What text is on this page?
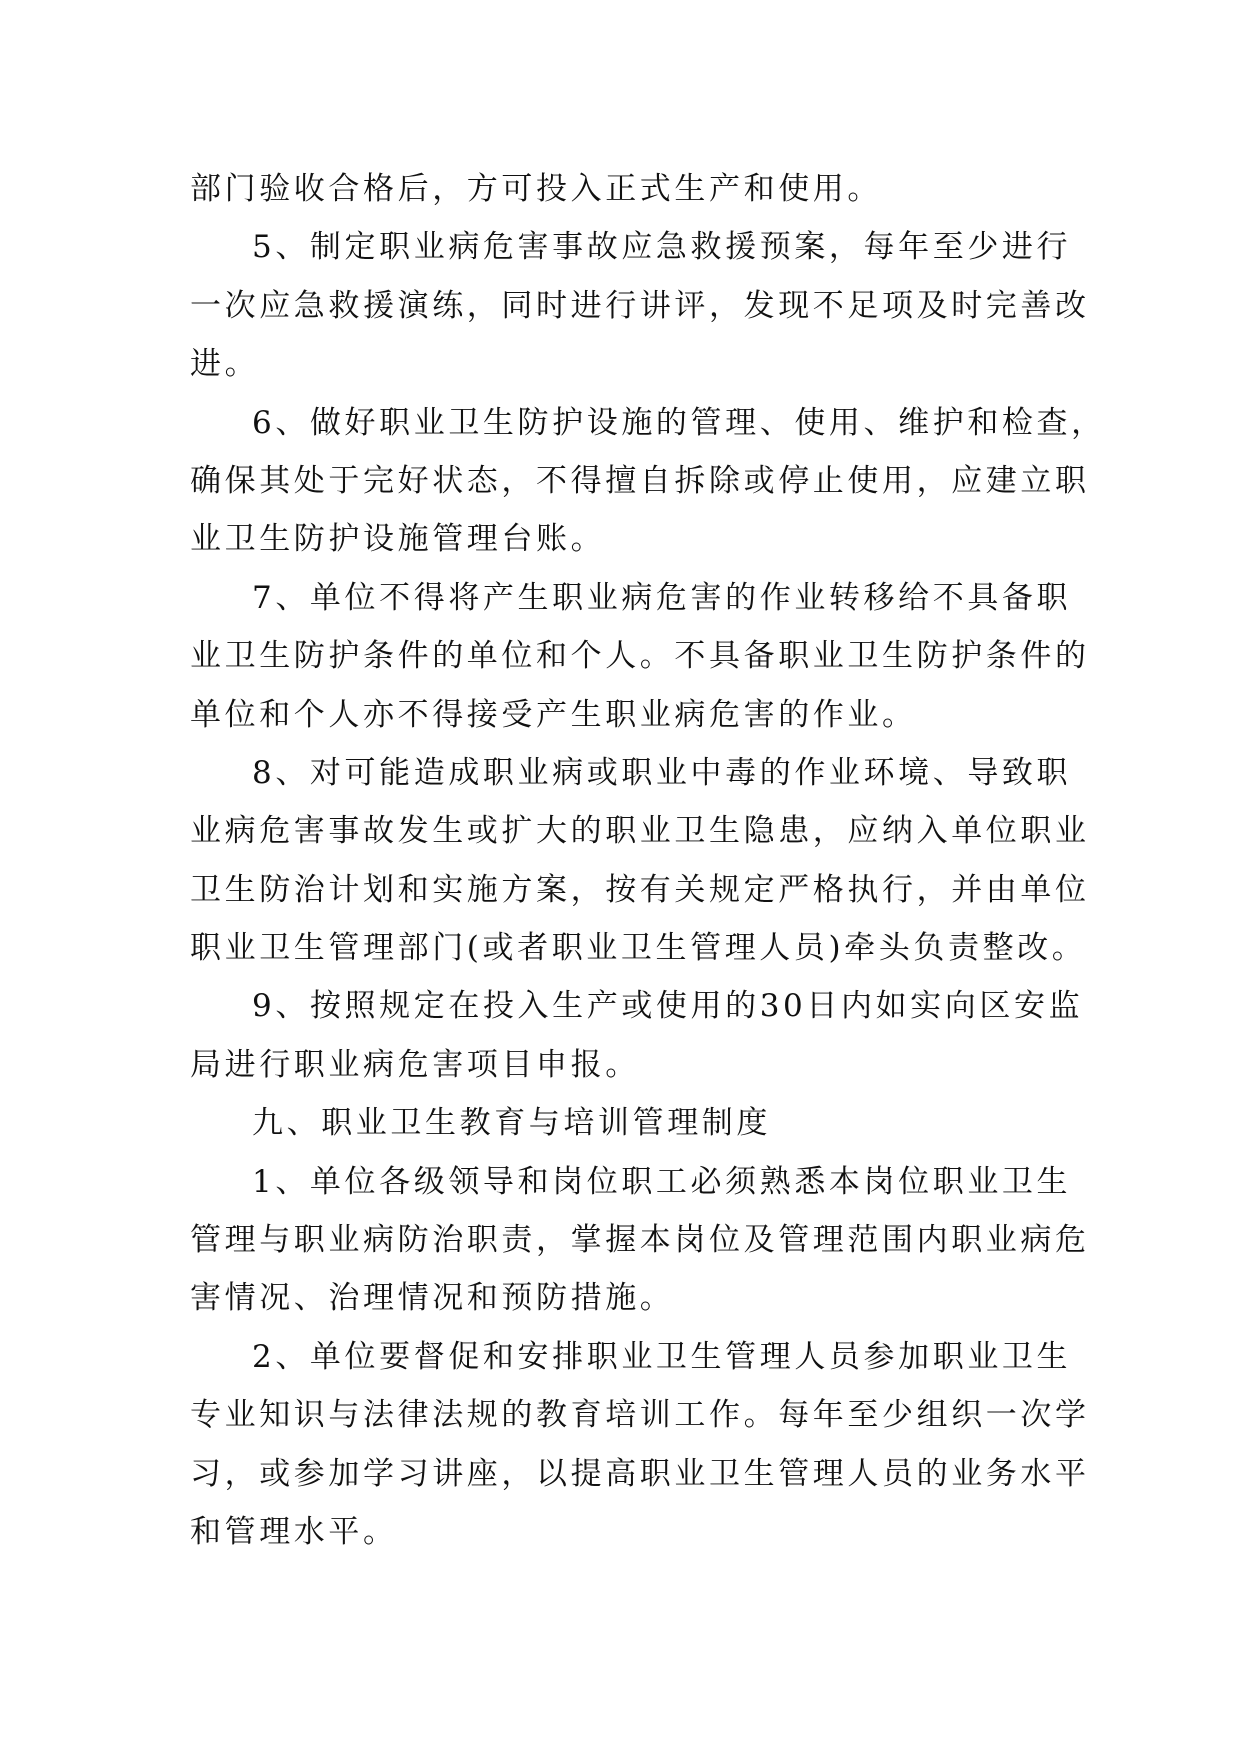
部门验收合格后，方可投入正式生产和使用。
5、制定职业病危害事故应急救援预案，每年至少进行
一次应急救援演练，同时进行讲评，发现不足项及时完善改
进。
6、做好职业卫生防护设施的管理、使用、维护和检查，
确保其处于完好状态，不得擅自拆除或停止使用，应建立职
业卫生防护设施管理台账。
7、单位不得将产生职业病危害的作业转移给不具备职
业卫生防护条件的单位和个人。不具备职业卫生防护条件的
单位和个人亦不得接受产生职业病危害的作业。
8、对可能造成职业病或职业中毒的作业环境、导致职
业病危害事故发生或扩大的职业卫生隐患，应纳入单位职业
卫生防治计划和实施方案，按有关规定严格执行，并由单位
职业卫生管理部门(或者职业卫生管理人员)牵头负责整改。
9、按照规定在投入生产或使用的30日内如实向区安监
局进行职业病危害项目申报。
九、职业卫生教育与培训管理制度
1、单位各级领导和岗位职工必须熟悉本岗位职业卫生
管理与职业病防治职责，掌握本岗位及管理范围内职业病危
害情况、治理情况和预防措施。
2、单位要督促和安排职业卫生管理人员参加职业卫生
专业知识与法律法规的教育培训工作。每年至少组织一次学
习，或参加学习讲座，以提高职业卫生管理人员的业务水平
和管理水平。
